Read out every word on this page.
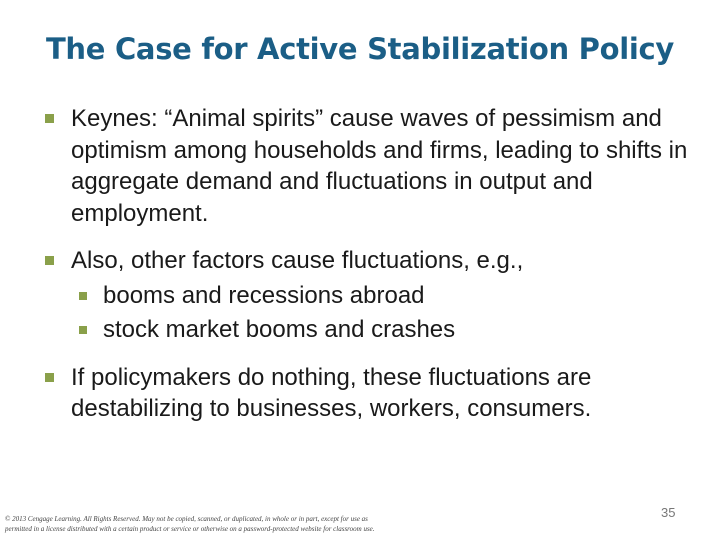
The Case for Active Stabilization Policy
Keynes: “Animal spirits” cause waves of pessimism and optimism among households and firms, leading to shifts in aggregate demand and fluctuations in output and employment.
Also, other factors cause fluctuations, e.g.,
booms and recessions abroad
stock market booms and crashes
If policymakers do nothing, these fluctuations are destabilizing to businesses, workers, consumers.
© 2013 Cengage Learning. All Rights Reserved. May not be copied, scanned, or duplicated, in whole or in part, except for use as
permitted in a license distributed with a certain product or service or otherwise on a password-protected website for classroom use.
35
